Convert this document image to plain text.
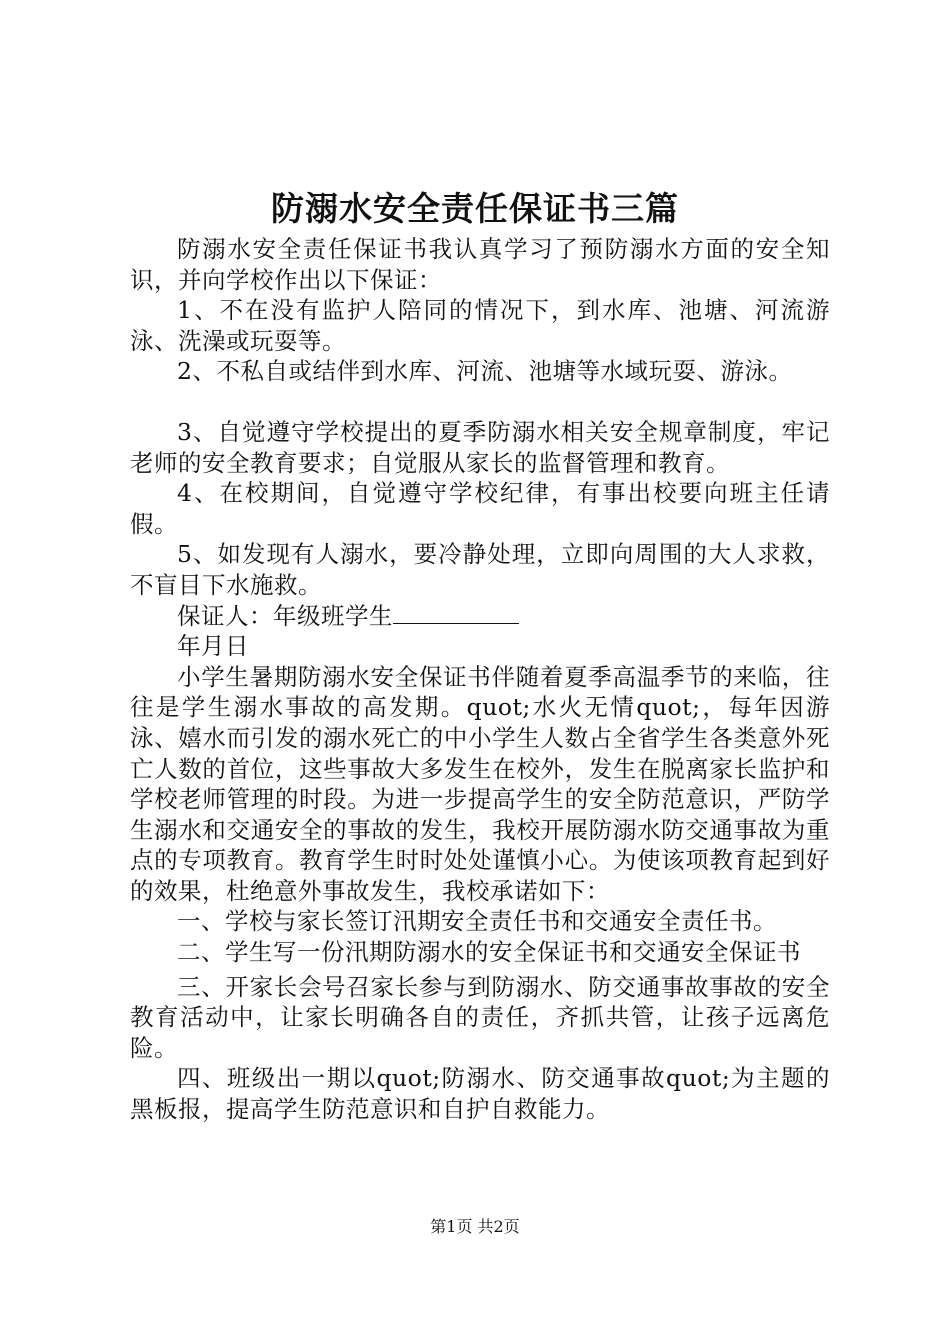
防溺水安全责任保证书三篇

防溺水安全责任保证书我认真学习了预防溺水方面的安全知识，并向学校作出以下保证：

1、不在没有监护人陪同的情况下，到水库、池塘、河流游泳、洗澡或玩耍等。

2、不私自或结伴到水库、河流、池塘等水域玩耍、游泳。

3、自觉遵守学校提出的夏季防溺水相关安全规章制度，牢记老师的安全教育要求；自觉服从家长的监督管理和教育。

4、在校期间，自觉遵守学校纪律，有事出校要向班主任请假。

5、如发现有人溺水，要冷静处理，立即向周围的大人求救，不盲目下水施救。

保证人：年级班学生

年月日

小学生暑期防溺水安全保证书伴随着夏季高温季节的来临，往往是学生溺水事故的高发期。quot;水火无情quot;，每年因游泳、嬉水而引发的溺水死亡的中小学生人数占全省学生各类意外死亡人数的首位，这些事故大多发生在校外，发生在脱离家长监护和学校老师管理的时段。为进一步提高学生的安全防范意识，严防学生溺水和交通安全的事故的发生，我校开展防溺水防交通事故为重点的专项教育。教育学生时时处处谨慎小心。为使该项教育起到好的效果，杜绝意外事故发生，我校承诺如下：

一、学校与家长签订汛期安全责任书和交通安全责任书。

二、学生写一份汛期防溺水的安全保证书和交通安全保证书

三、开家长会号召家长参与到防溺水、防交通事故事故的安全教育活动中，让家长明确各自的责任，齐抓共管，让孩子远离危险。

四、班级出一期以quot;防溺水、防交通事故quot;为主题的黑板报，提高学生防范意识和自护自救能力。

第1页 共2页
